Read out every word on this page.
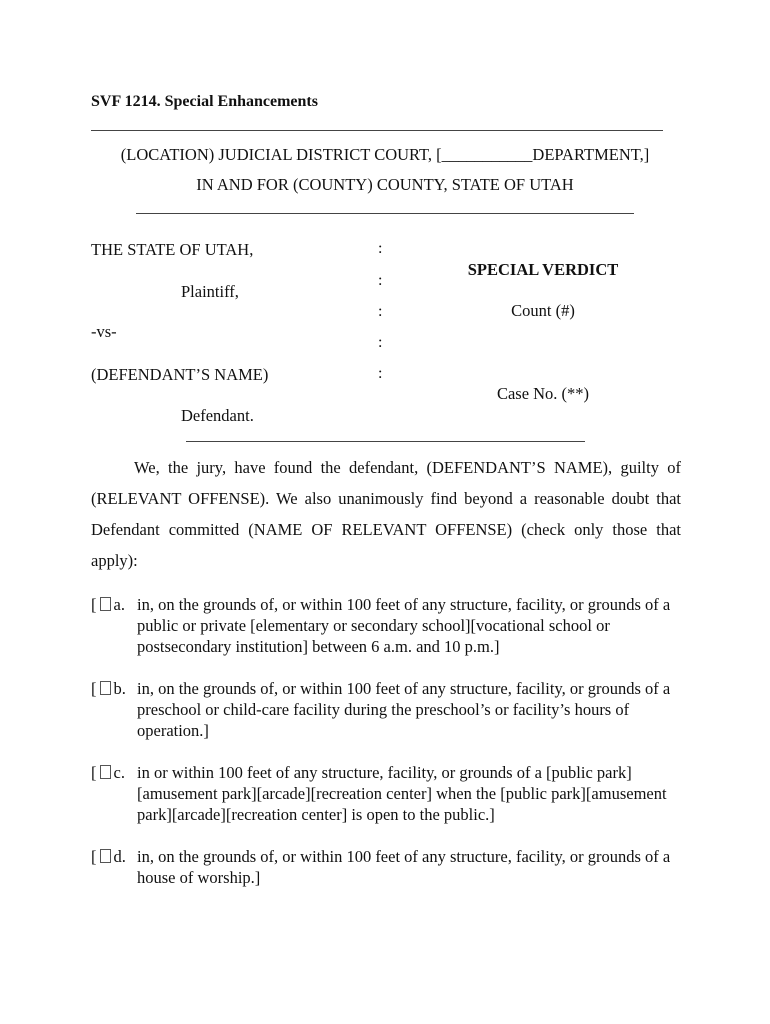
SVF 1214. Special Enhancements
(LOCATION) JUDICIAL DISTRICT COURT, [___________DEPARTMENT,]
IN AND FOR (COUNTY) COUNTY, STATE OF UTAH
THE STATE OF UTAH,
Plaintiff,
-vs-
(DEFENDANT’S NAME)
Defendant.
:
:
:
:
:
SPECIAL VERDICT
Count (#)
Case No. (**)
We, the jury, have found the defendant, (DEFENDANT’S NAME), guilty of (RELEVANT OFFENSE). We also unanimously find beyond a reasonable doubt that Defendant committed (NAME OF RELEVANT OFFENSE) (check only those that apply):
[ a. in, on the grounds of, or within 100 feet of any structure, facility, or grounds of a public or private [elementary or secondary school][vocational school or postsecondary institution] between 6 a.m. and 10 p.m.]
[ b. in, on the grounds of, or within 100 feet of any structure, facility, or grounds of a preschool or child-care facility during the preschool’s or facility’s hours of operation.]
[ c. in or within 100 feet of any structure, facility, or grounds of a [public park][amusement park][arcade][recreation center] when the [public park][amusement park][arcade][recreation center] is open to the public.]
[ d. in, on the grounds of, or within 100 feet of any structure, facility, or grounds of a house of worship.]
